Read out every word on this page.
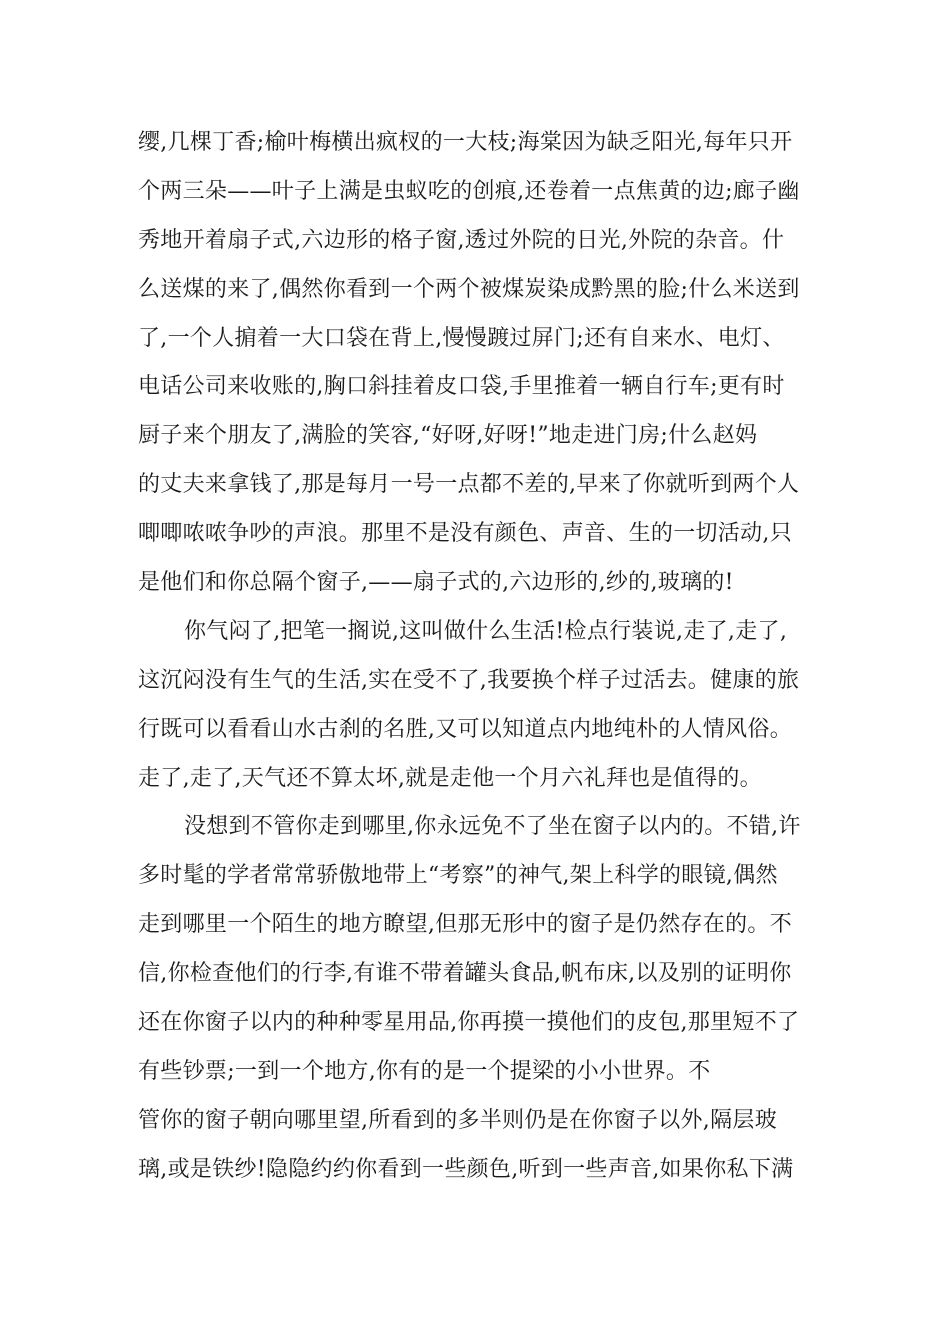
缨,几棵丁香;榆叶梅横出疯杈的一大枝;海棠因为缺乏阳光,每年只开
个两三朵——叶子上满是虫蚁吃的创痕,还卷着一点焦黄的边;廊子幽
秀地开着扇子式,六边形的格子窗,透过外院的日光,外院的杂音。什
么送煤的来了,偶然你看到一个两个被煤炭染成黔黑的脸;什么米送到
了,一个人掮着一大口袋在背上,慢慢踱过屏门;还有自来水、电灯、
电话公司来收账的,胸口斜挂着皮口袋,手里推着一辆自行车;更有时
厨子来个朋友了,满脸的笑容,“好呀,好呀!”地走进门房;什么赵妈
的丈夫来拿钱了,那是每月一号一点都不差的,早来了你就听到两个人
唧唧哝哝争吵的声浪。那里不是没有颜色、声音、生的一切活动,只
是他们和你总隔个窗子,——扇子式的,六边形的,纱的,玻璃的!
你气闷了,把笔一搁说,这叫做什么生活!检点行装说,走了,走了,
这沉闷没有生气的生活,实在受不了,我要换个样子过活去。健康的旅
行既可以看看山水古刹的名胜,又可以知道点内地纯朴的人情风俗。
走了,走了,天气还不算太坏,就是走他一个月六礼拜也是值得的。
没想到不管你走到哪里,你永远免不了坐在窗子以内的。不错,许
多时髦的学者常常骄傲地带上“考察”的神气,架上科学的眼镜,偶然
走到哪里一个陌生的地方瞭望,但那无形中的窗子是仍然存在的。不
信,你检查他们的行李,有谁不带着罐头食品,帆布床,以及别的证明你
还在你窗子以内的种种零星用品,你再摸一摸他们的皮包,那里短不了
有些钞票;一到一个地方,你有的是一个提梁的小小世界。不
管你的窗子朝向哪里望,所看到的多半则仍是在你窗子以外,隔层玻
璃,或是铁纱!隐隐约约你看到一些颜色,听到一些声音,如果你私下满
